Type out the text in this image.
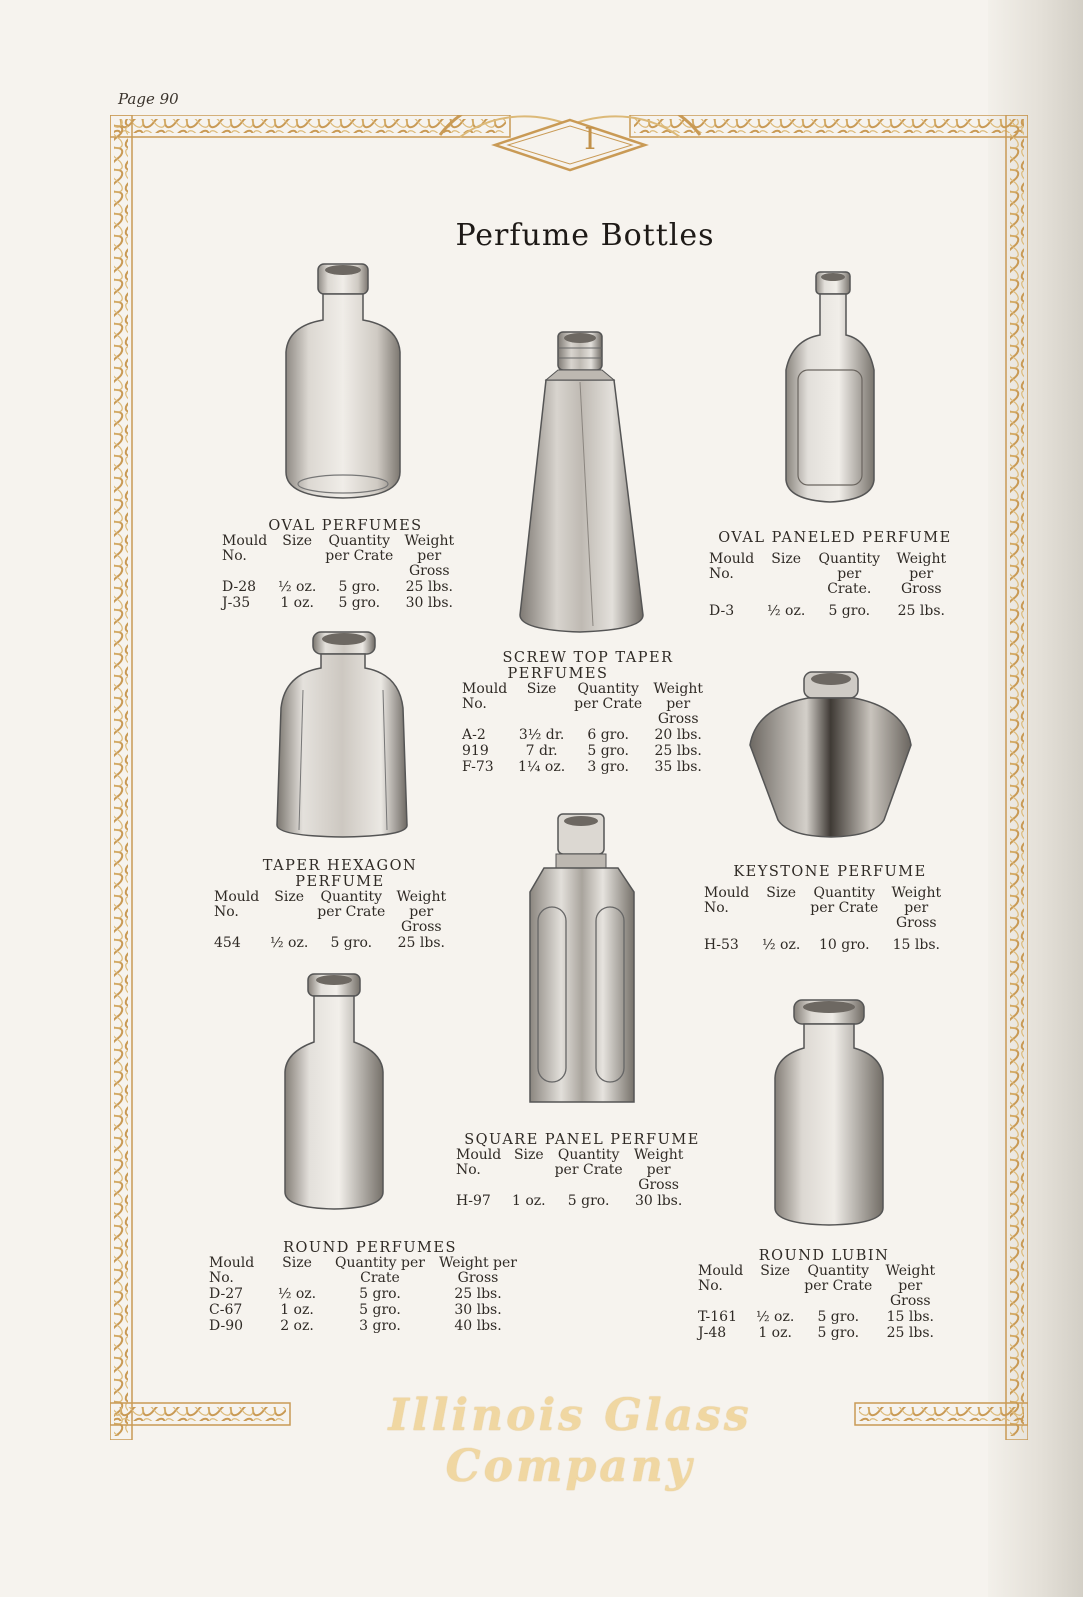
Page 90
I
Perfume Bottles
OVAL PERFUMES
Mould No.	Size	Quantity per Crate	Weight per Gross
D-28	½ oz.	5 gro.	25 lbs.
J-35	1 oz.	5 gro.	30 lbs.
OVAL PANELED PERFUME
Mould No.	Size	Quantity per Crate.	Weight per Gross
D-3	½ oz.	5 gro.	25 lbs.
SCREW TOP TAPER
PERFUMES
Mould No.	Size	Quantity per Crate	Weight per Gross
A-2	3½ dr.	6 gro.	20 lbs.
919	7 dr.	5 gro.	25 lbs.
F-73	1¼ oz.	3 gro.	35 lbs.
TAPER HEXAGON
PERFUME
Mould No.	Size	Quantity per Crate	Weight per Gross
454	½ oz.	5 gro.	25 lbs.
KEYSTONE PERFUME
Mould No.	Size	Quantity per Crate	Weight per Gross
H-53	½ oz.	10 gro.	15 lbs.
SQUARE PANEL PERFUME
Mould No.	Size	Quantity per Crate	Weight per Gross
H-97	1 oz.	5 gro.	30 lbs.
ROUND PERFUMES
Mould No.	Size	Quantity per Crate	Weight per Gross
D-27	½ oz.	5 gro.	25 lbs.
C-67	1 oz.	5 gro.	30 lbs.
D-90	2 oz.	3 gro.	40 lbs.
ROUND LUBIN
Mould No.	Size	Quantity per Crate	Weight per Gross
T-161	½ oz.	5 gro.	15 lbs.
J-48	1 oz.	5 gro.	25 lbs.
Illinois Glass Company
